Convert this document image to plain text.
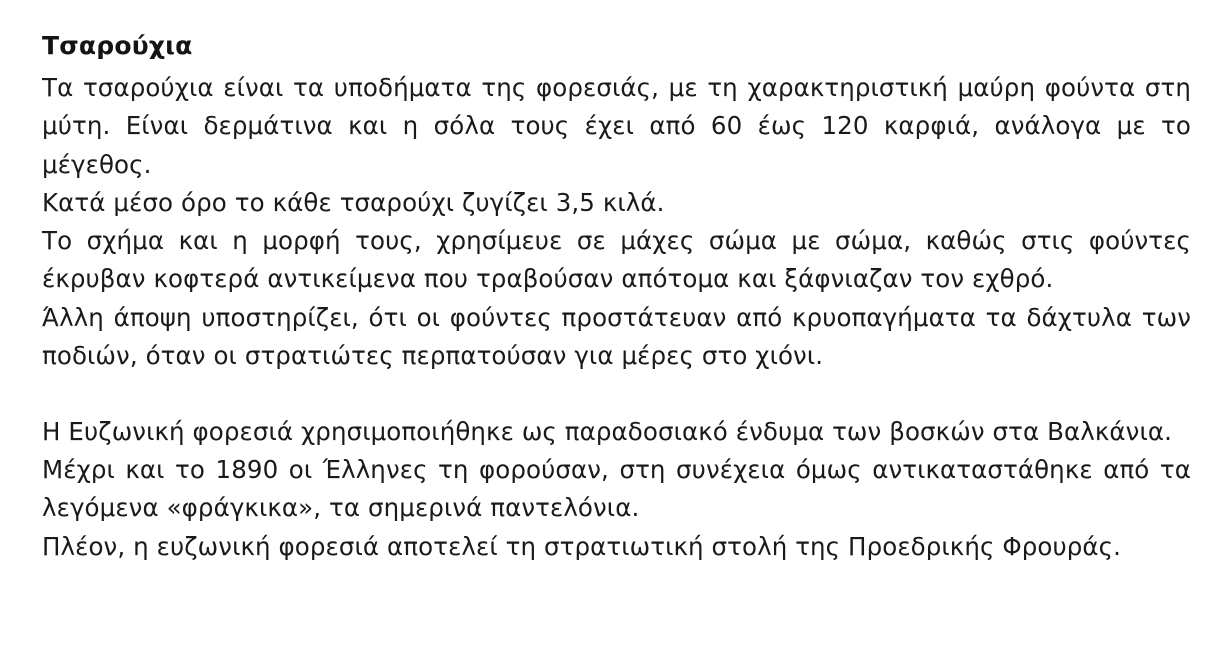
Τσαρούχια

Τα τσαρούχια είναι τα υποδήματα της φορεσιάς, με τη χαρακτηριστική μαύρη φούντα στη μύτη. Είναι δερμάτινα και η σόλα τους έχει από 60 έως 120 καρφιά, ανάλογα με το μέγεθος.

Κατά μέσο όρο το κάθε τσαρούχι ζυγίζει 3,5 κιλά.

Το σχήμα και η μορφή τους, χρησίμευε σε μάχες σώμα με σώμα, καθώς στις φούντες έκρυβαν κοφτερά αντικείμενα που τραβούσαν απότομα και ξάφνιαζαν τον εχθρό.

Άλλη άποψη υποστηρίζει, ότι οι φούντες προστάτευαν από κρυοπαγήματα τα δάχτυλα των ποδιών, όταν οι στρατιώτες περπατούσαν για μέρες στο χιόνι.

Η Ευζωνική φορεσιά χρησιμοποιήθηκε ως παραδοσιακό ένδυμα των βοσκών στα Βαλκάνια.

Μέχρι και το 1890 οι Έλληνες τη φορούσαν, στη συνέχεια όμως αντικαταστάθηκε από τα λεγόμενα «φράγκικα», τα σημερινά παντελόνια.

Πλέον, η ευζωνική φορεσιά αποτελεί τη στρατιωτική στολή της Προεδρικής Φρουράς.
